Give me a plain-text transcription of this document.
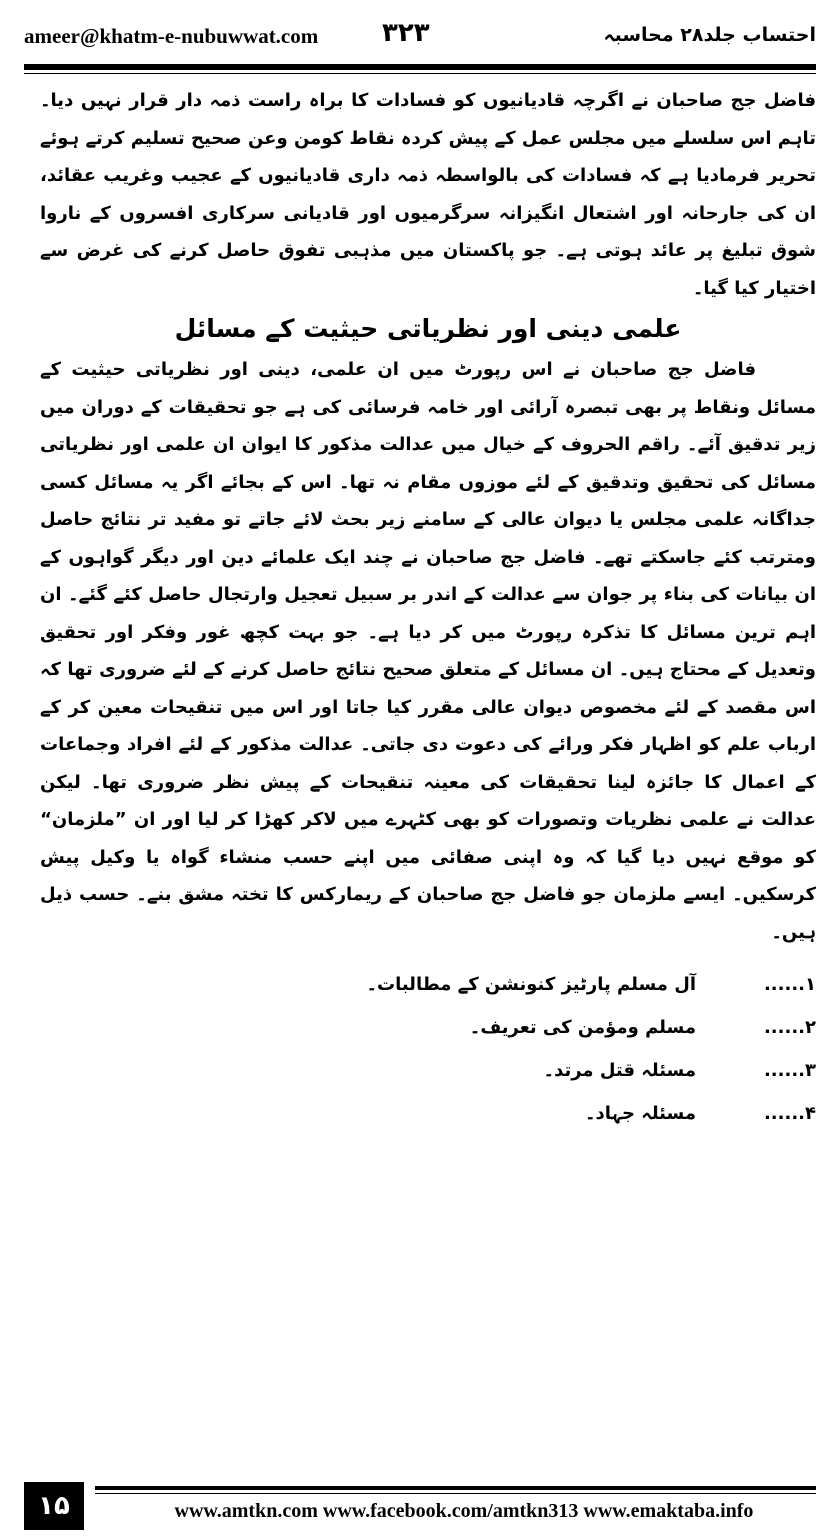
ameer@khatm-e-nubuwwat.com ۳۲۳	احتساب جلد۲۸ محاسبہ

فاضل جج صاحبان نے اگرچہ قادیانیوں کو فسادات کا براہ راست ذمہ دار قرار نہیں دیا۔ تاہم اس سلسلے میں مجلس عمل کے پیش کردہ نقاط کومن وعن صحیح تسلیم کرتے ہوئے تحریر فرمادیا ہے کہ فسادات کی بالواسطہ ذمہ داری قادیانیوں کے عجیب وغریب عقائد، ان کی جارحانہ اور اشتعال انگیزانہ سرگرمیوں اور قادیانی سرکاری افسروں کے ناروا شوق تبلیغ پر عائد ہوتی ہے۔ جو پاکستان میں مذہبی تفوق حاصل کرنے کی غرض سے اختیار کیا گیا۔

علمی دینی اور نظریاتی حیثیت کے مسائل

فاضل جج صاحبان نے اس رپورٹ میں ان علمی، دینی اور نظریاتی حیثیت کے مسائل ونقاط پر بھی تبصرہ آرائی اور خامہ فرسائی کی ہے جو تحقیقات کے دوران میں زیر تدقیق آئے۔ راقم الحروف کے خیال میں عدالت مذکور کا ایوان ان علمی اور نظریاتی مسائل کی تحقیق وتدقیق کے لئے موزوں مقام نہ تھا۔ اس کے بجائے اگر یہ مسائل کسی جداگانہ علمی مجلس یا دیوان عالی کے سامنے زیر بحث لائے جاتے تو مفید تر نتائج حاصل ومترتب کئے جاسکتے تھے۔ فاضل جج صاحبان نے چند ایک علمائے دین اور دیگر گواہوں کے ان بیانات کی بناء پر جوان سے عدالت کے اندر بر سبیل تعجیل وارتجال حاصل کئے گئے۔ ان اہم ترین مسائل کا تذکرہ رپورٹ میں کر دیا ہے۔ جو بہت کچھ غور وفکر اور تحقیق وتعدیل کے محتاج ہیں۔ ان مسائل کے متعلق صحیح نتائج حاصل کرنے کے لئے ضروری تھا کہ اس مقصد کے لئے مخصوص دیوان عالی مقرر کیا جاتا اور اس میں تنقیحات معین کر کے ارباب علم کو اظہار فکر ورائے کی دعوت دی جاتی۔ عدالت مذکور کے لئے افراد وجماعات کے اعمال کا جائزہ لینا تحقیقات کی معینہ تنقیحات کے پیش نظر ضروری تھا۔ لیکن عدالت نے علمی نظریات وتصورات کو بھی کٹہرے میں لاکر کھڑا کر لیا اور ان ”ملزمان“ کو موقع نہیں دیا گیا کہ وہ اپنی صفائی میں اپنے حسب منشاء گواہ یا وکیل پیش کرسکیں۔ ایسے ملزمان جو فاضل جج صاحبان کے ریمارکس کا تختہ مشق بنے۔ حسب ذیل ہیں۔

......۱
آل مسلم پارٹیز کنونشن کے مطالبات۔
......۲
مسلم ومؤمن کی تعریف۔
......۳
مسئلہ قتل مرتد۔
......۴
مسئلہ جہاد۔
۱۵	www.amtkn.com www.facebook.com/amtkn313 www.emaktaba.info
